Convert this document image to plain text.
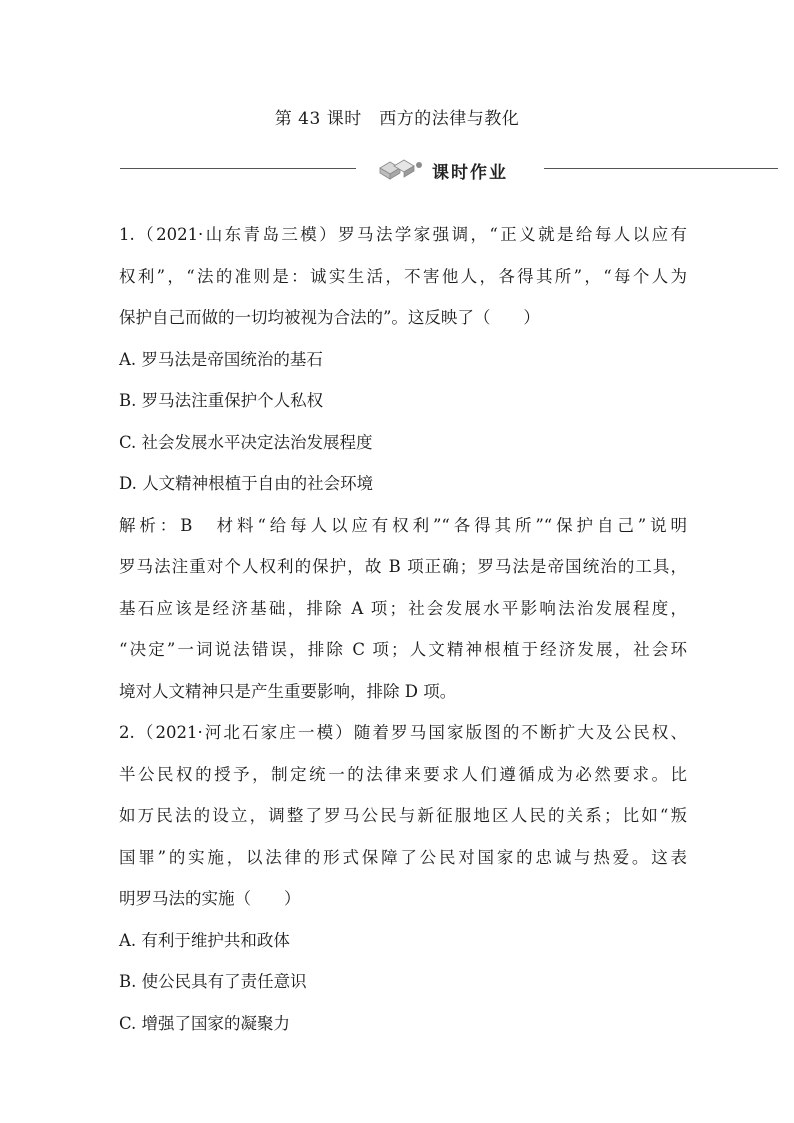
第 43 课时　西方的法律与教化
课时作业
1.（2021·山东青岛三模）罗马法学家强调，“正义就是给每人以应有
权利”，“法的准则是：诚实生活，不害他人，各得其所”，“每个人为
保护自己而做的一切均被视为合法的”。这反映了（　　）
A. 罗马法是帝国统治的基石
B. 罗马法注重保护个人私权
C. 社会发展水平决定法治发展程度
D. 人文精神根植于自由的社会环境
解析：B　材料“给每人以应有权利”“各得其所”“保护自己”说明
罗马法注重对个人权利的保护，故 B 项正确；罗马法是帝国统治的工具，
基石应该是经济基础，排除 A 项；社会发展水平影响法治发展程度，
“决定”一词说法错误，排除 C 项；人文精神根植于经济发展，社会环
境对人文精神只是产生重要影响，排除 D 项。
2.（2021·河北石家庄一模）随着罗马国家版图的不断扩大及公民权、
半公民权的授予，制定统一的法律来要求人们遵循成为必然要求。比
如万民法的设立，调整了罗马公民与新征服地区人民的关系；比如“叛
国罪”的实施，以法律的形式保障了公民对国家的忠诚与热爱。这表
明罗马法的实施（　　）
A. 有利于维护共和政体
B. 使公民具有了责任意识
C. 增强了国家的凝聚力
